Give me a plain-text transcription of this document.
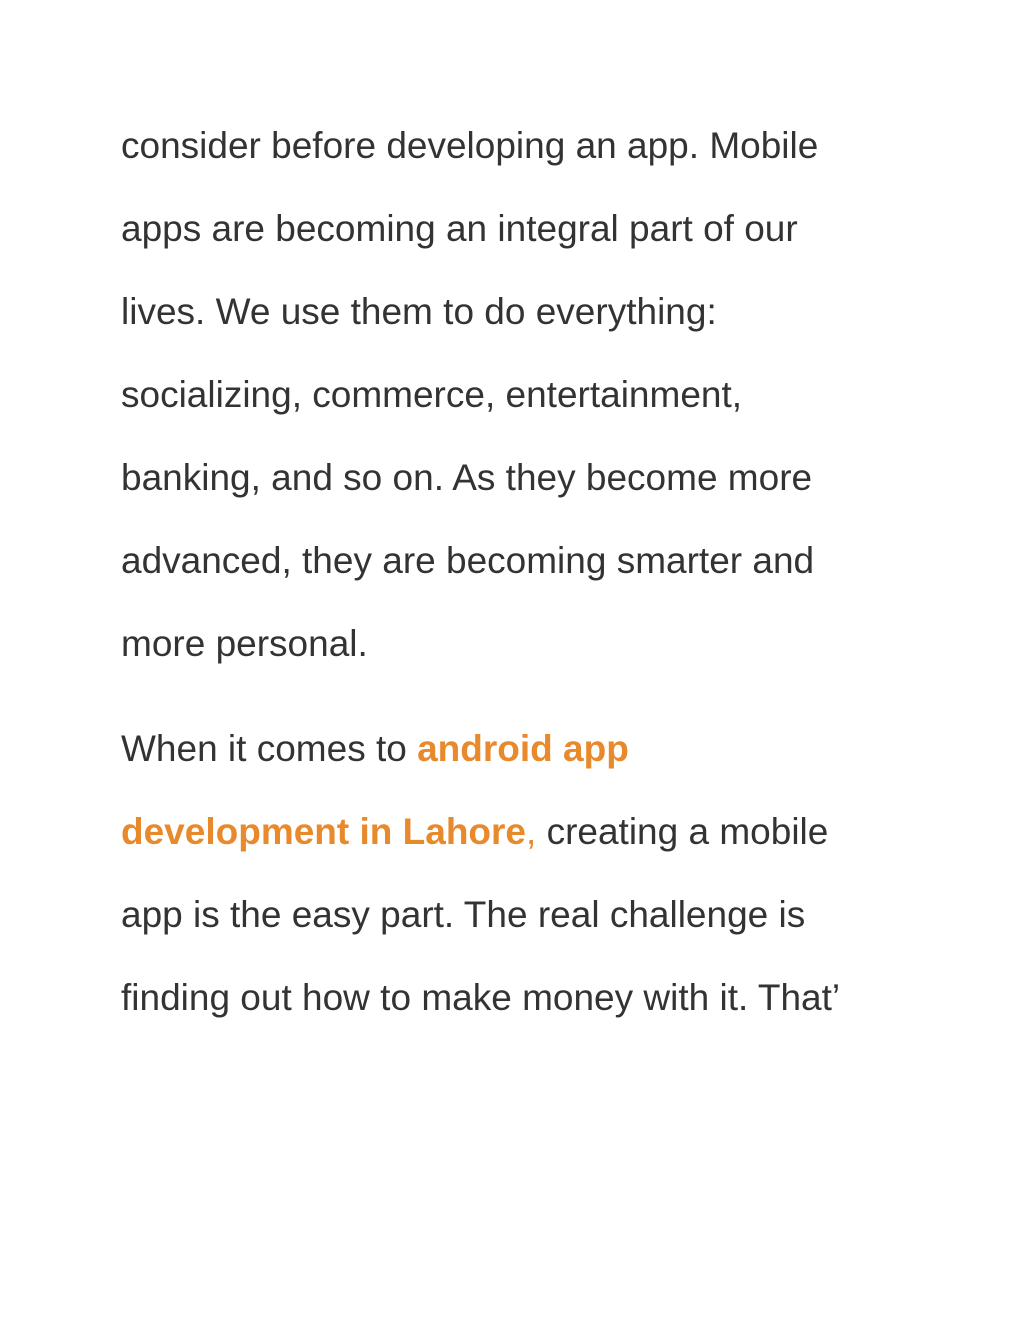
consider before developing an app. Mobile
apps are becoming an integral part of our
lives. We use them to do everything:
socializing, commerce, entertainment,
banking, and so on. As they become more
advanced, they are becoming smarter and
more personal.

When it comes to android app
development in Lahore, creating a mobile
app is the easy part. The real challenge is
finding out how to make money with it. That’
